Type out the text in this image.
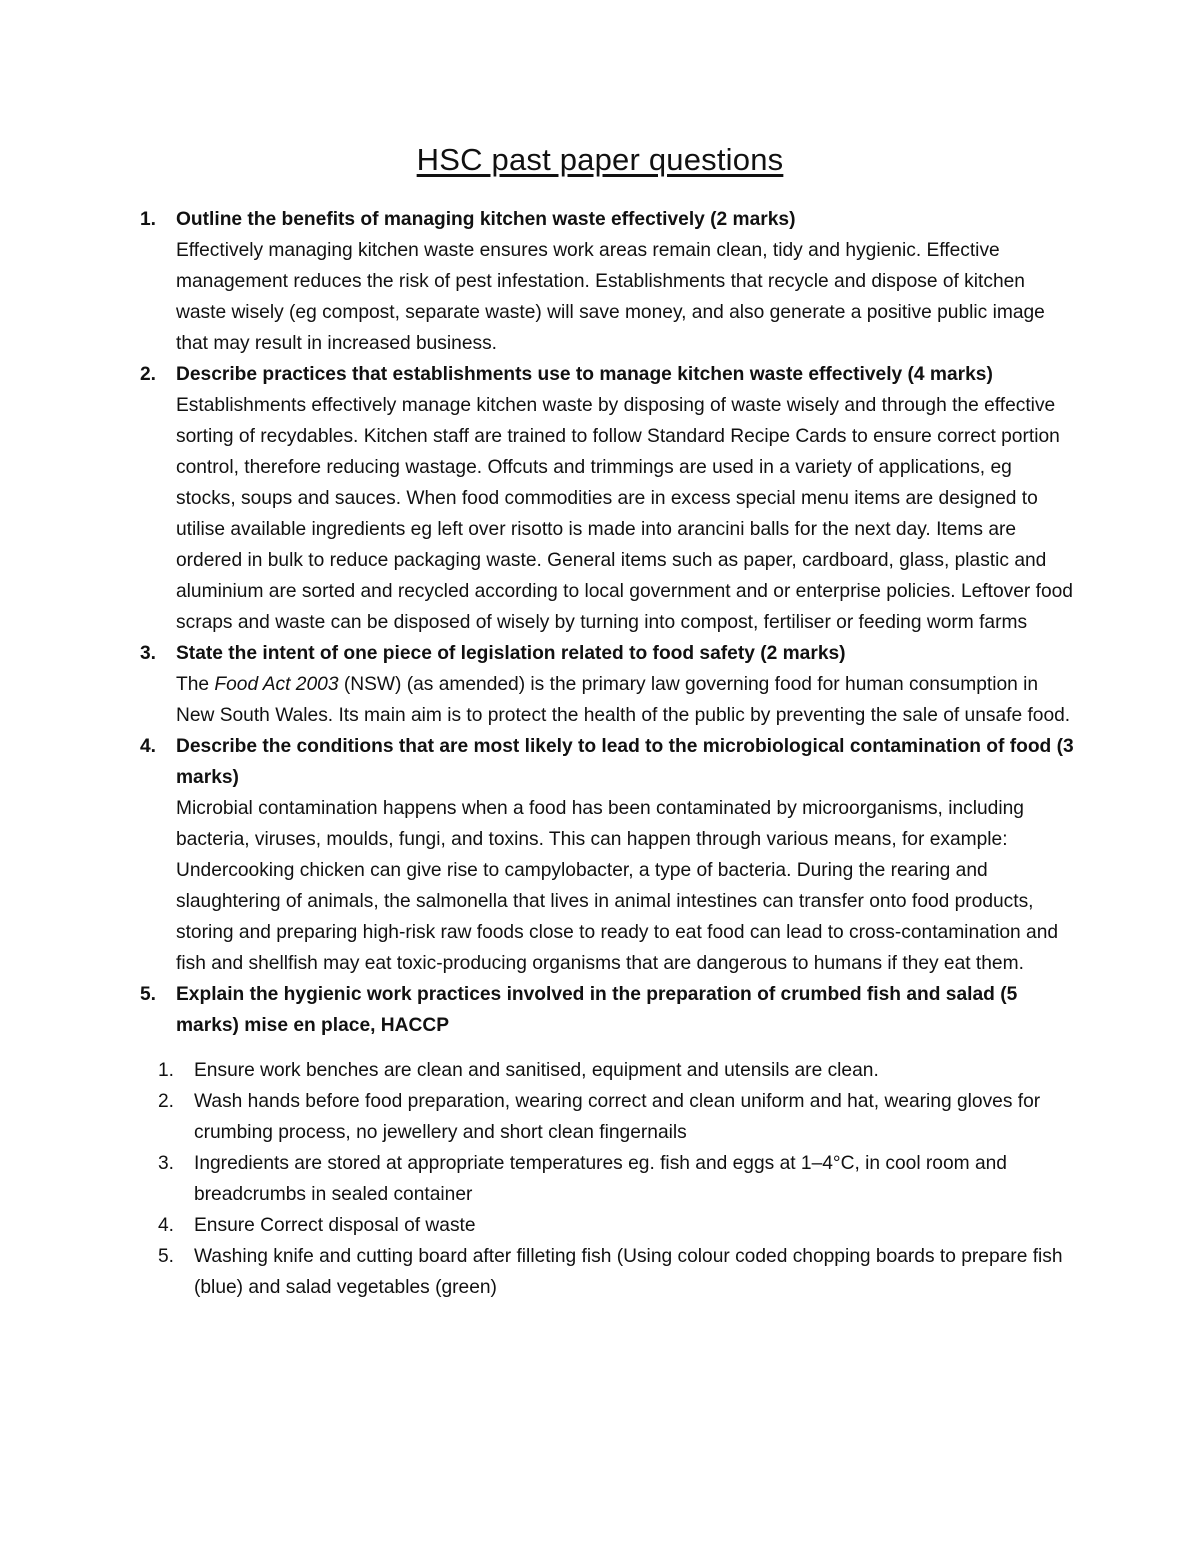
HSC past paper questions
1. Outline the benefits of managing kitchen waste effectively (2 marks)
Effectively managing kitchen waste ensures work areas remain clean, tidy and hygienic. Effective management reduces the risk of pest infestation. Establishments that recycle and dispose of kitchen waste wisely (eg compost, separate waste) will save money, and also generate a positive public image that may result in increased business.
2. Describe practices that establishments use to manage kitchen waste effectively (4 marks)
Establishments effectively manage kitchen waste by disposing of waste wisely and through the effective sorting of recydables. Kitchen staff are trained to follow Standard Recipe Cards to ensure correct portion control, therefore reducing wastage. Offcuts and trimmings are used in a variety of applications, eg stocks, soups and sauces. When food commodities are in excess special menu items are designed to utilise available ingredients eg left over risotto is made into arancini balls for the next day. Items are ordered in bulk to reduce packaging waste. General items such as paper, cardboard, glass, plastic and aluminium are sorted and recycled according to local government and or enterprise policies. Leftover food scraps and waste can be disposed of wisely by turning into compost, fertiliser or feeding worm farms
3. State the intent of one piece of legislation related to food safety (2 marks)
The Food Act 2003 (NSW) (as amended) is the primary law governing food for human consumption in New South Wales. Its main aim is to protect the health of the public by preventing the sale of unsafe food.
4. Describe the conditions that are most likely to lead to the microbiological contamination of food (3 marks)
Microbial contamination happens when a food has been contaminated by microorganisms, including bacteria, viruses, moulds, fungi, and toxins. This can happen through various means, for example: Undercooking chicken can give rise to campylobacter, a type of bacteria. During the rearing and slaughtering of animals, the salmonella that lives in animal intestines can transfer onto food products, storing and preparing high-risk raw foods close to ready to eat food can lead to cross-contamination and fish and shellfish may eat toxic-producing organisms that are dangerous to humans if they eat them.
5. Explain the hygienic work practices involved in the preparation of crumbed fish and salad (5 marks) mise en place, HACCP
1. Ensure work benches are clean and sanitised, equipment and utensils are clean.
2. Wash hands before food preparation, wearing correct and clean uniform and hat, wearing gloves for crumbing process, no jewellery and short clean fingernails
3. Ingredients are stored at appropriate temperatures eg. fish and eggs at 1–4°C, in cool room and breadcrumbs in sealed container
4. Ensure Correct disposal of waste
5. Washing knife and cutting board after filleting fish (Using colour coded chopping boards to prepare fish (blue) and salad vegetables (green)
